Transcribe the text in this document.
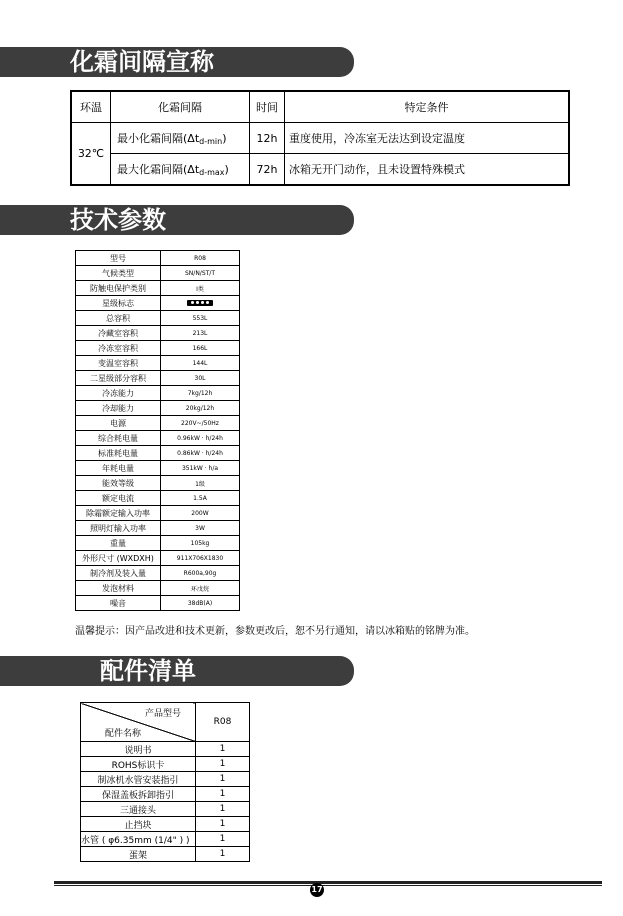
化霜间隔宣称
环温	化霜间隔	时间	特定条件
32℃	最小化霜间隔$(\Delta t_{d-min})$	12h	重度使用，冷冻室无法达到设定温度
	最大化霜间隔$(\Delta t_{d-max})$	72h	冰箱无开门动作，且未设置特殊模式
技术参数
型号	R08
气候类型	SN/N/ST/T
防触电保护类别	I类
星级标志	
总容积	553L
冷藏室容积	213L
冷冻室容积	166L
变温室容积	144L
二星级部分容积	30L
冷冻能力	7kg/12h
冷却能力	20kg/12h
电源	220V~/50Hz
综合耗电量	0.96kW · h/24h
标准耗电量	0.86kW · h/24h
年耗电量	351kW · h/a
能效等级	1级
额定电流	1.5A
除霜额定输入功率	200W
照明灯输入功率	3W
重量	105kg
外形尺寸 (WXDXH)	911X706X1830
制冷剂及装入量	R600a,90g
发泡材料	环戊烷
噪音	38dB(A)
温馨提示：因产品改进和技术更新，参数更改后，恕不另行通知，请以冰箱贴的铭牌为准。
配件清单
产品型号
配件名称	R08
说明书	1
ROHS标识卡	1
制冰机水管安装指引	1
保湿盖板拆卸指引	1
三通接头	1
止挡块	1
水管 ( φ6.35mm (1/4" ) )	1
蛋架	1
17
